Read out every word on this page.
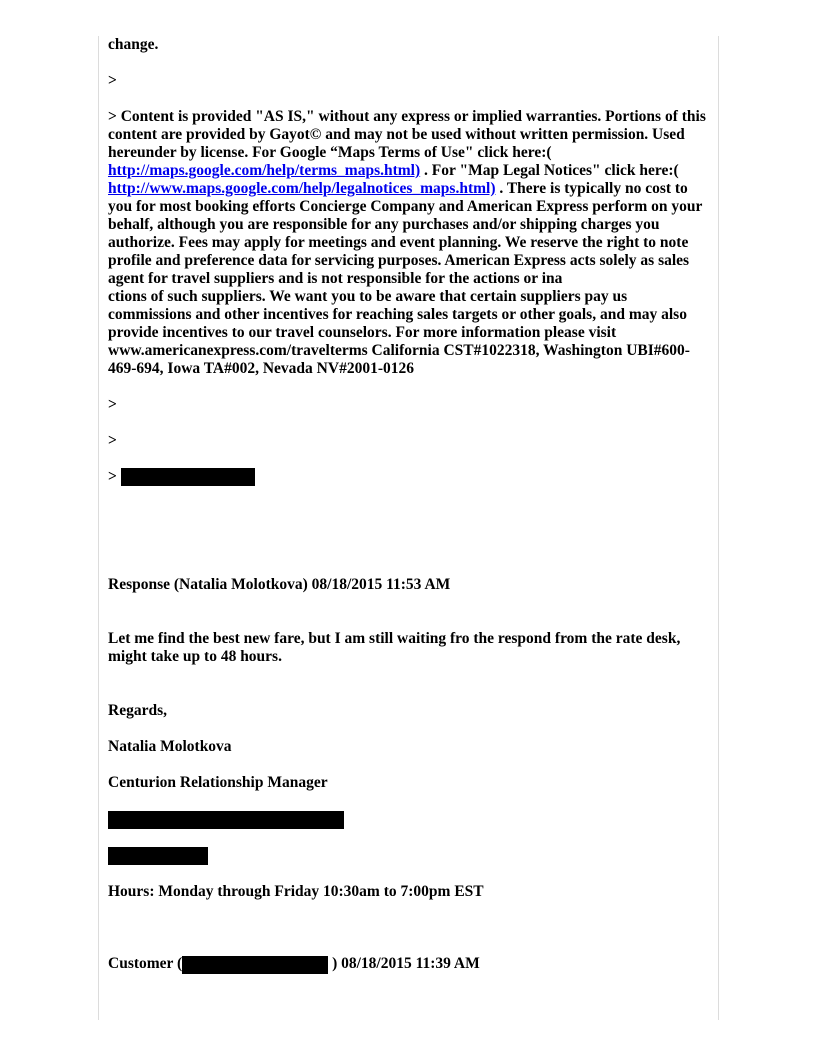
change.

>

> Content is provided "AS IS," without any express or implied warranties. Portions of this content are provided by Gayot© and may not be used without written permission. Used hereunder by license. For Google “Maps Terms of Use" click here:(
http://maps.google.com/help/terms_maps.html) . For "Map Legal Notices" click here:(
http://www.maps.google.com/help/legalnotices_maps.html) . There is typically no cost to you for most booking efforts Concierge Company and American Express perform on your behalf, although you are responsible for any purchases and/or shipping charges you authorize. Fees may apply for meetings and event planning. We reserve the right to note profile and preference data for servicing purposes. American Express acts solely as sales agent for travel suppliers and is not responsible for the actions or ina
ctions of such suppliers. We want you to be aware that certain suppliers pay us commissions and other incentives for reaching sales targets or other goals, and may also provide incentives to our travel counselors. For more information please visit www.americanexpress.com/travelterms California CST#1022318, Washington UBI#600-469-694, Iowa TA#002, Nevada NV#2001-0126

>

>

>

Response (Natalia Molotkova) 08/18/2015 11:53 AM

Let me find the best new fare, but I am still waiting fro the respond from the rate desk, might take up to 48 hours.

Regards,

Natalia Molotkova

Centurion Relationship Manager

Hours: Monday through Friday 10:30am to 7:00pm EST

Customer (	) 08/18/2015 11:39 AM
